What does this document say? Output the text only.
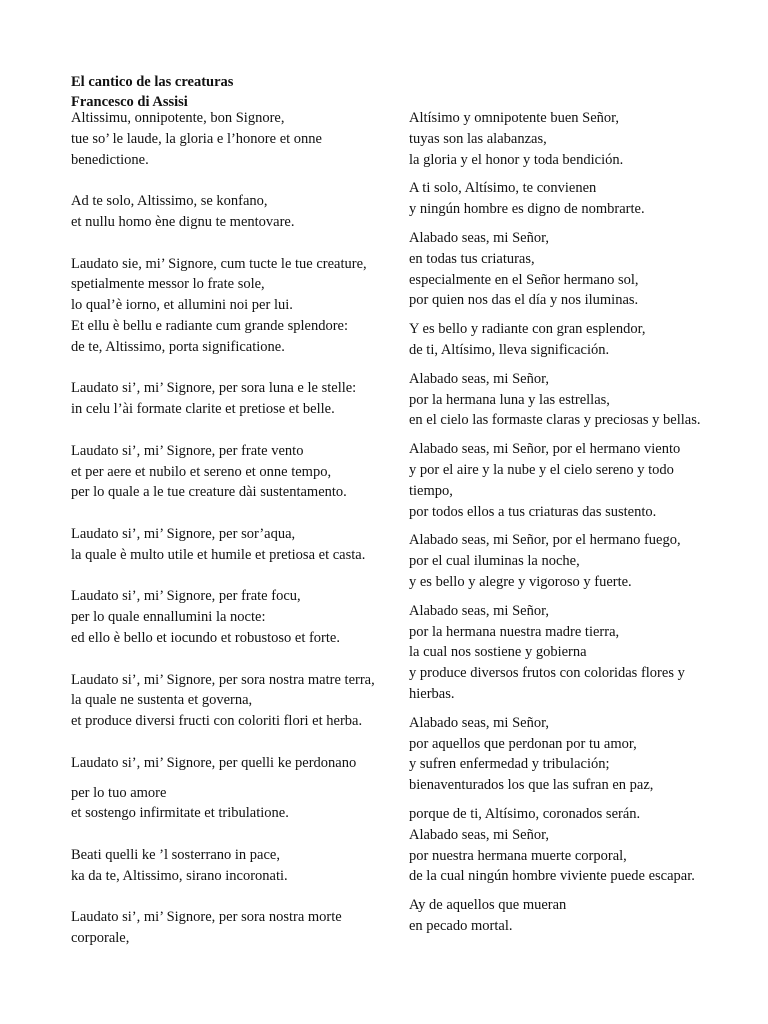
El cantico de las creaturas
Francesco di Assisi

Altissimu, onnipotente, bon Signore,
tue so’ le laude, la gloria e l’honore et onne
benedictione.

Ad te solo, Altissimo, se konfano,
et nullu homo ène dignu te mentovare.

Laudato sie, mi’ Signore, cum tucte le tue creature,
spetialmente messor lo frate sole,
lo qual’è iorno, et allumini noi per lui.
Et ellu è bellu e radiante cum grande splendore:
de te, Altissimo, porta significatione.

Laudato si’, mi’ Signore, per sora luna e le stelle:
in celu l’ài formate clarite et pretiose et belle.

Laudato si’, mi’ Signore, per frate vento
et per aere et nubilo et sereno et onne tempo,
per lo quale a le tue creature dài sustentamento.

Laudato si’, mi’ Signore, per sor’aqua,
la quale è multo utile et humile et pretiosa et casta.

Laudato si’, mi’ Signore, per frate focu,
per lo quale ennallumini la nocte:
ed ello è bello et iocundo et robustoso et forte.

Laudato si’, mi’ Signore, per sora nostra matre terra,
la quale ne sustenta et governa,
et produce diversi fructi con coloriti flori et herba.

Laudato si’, mi’ Signore, per quelli ke perdonano

per lo tuo amore
et sostengo infirmitate et tribulatione.

Beati quelli ke ’l sosterrano in pace,
ka da te, Altissimo, sirano incoronati.

Laudato si’, mi’ Signore, per sora nostra morte
corporale,

Altísimo y omnipotente buen Señor,
tuyas son las alabanzas,
la gloria y el honor y toda bendición.

A ti solo, Altísimo, te convienen
y ningún hombre es digno de nombrarte.

Alabado seas, mi Señor,
en todas tus criaturas,
especialmente en el Señor hermano sol,
por quien nos das el día y nos iluminas.

Y es bello y radiante con gran esplendor,
de ti, Altísimo, lleva significación.

Alabado seas, mi Señor,
por la hermana luna y las estrellas,
en el cielo las formaste claras y preciosas y bellas.

Alabado seas, mi Señor, por el hermano viento
y por el aire y la nube y el cielo sereno y todo
tiempo,
por todos ellos a tus criaturas das sustento.

Alabado seas, mi Señor, por el hermano fuego,
por el cual iluminas la noche,
y es bello y alegre y vigoroso y fuerte.

Alabado seas, mi Señor,
por la hermana nuestra madre tierra,
la cual nos sostiene y gobierna
y produce diversos frutos con coloridas flores y
hierbas.

Alabado seas, mi Señor,
por aquellos que perdonan por tu amor,
y sufren enfermedad y tribulación;
bienaventurados los que las sufran en paz,

porque de ti, Altísimo, coronados serán.
Alabado seas, mi Señor,
por nuestra hermana muerte corporal,
de la cual ningún hombre viviente puede escapar.

Ay de aquellos que mueran
en pecado mortal.
